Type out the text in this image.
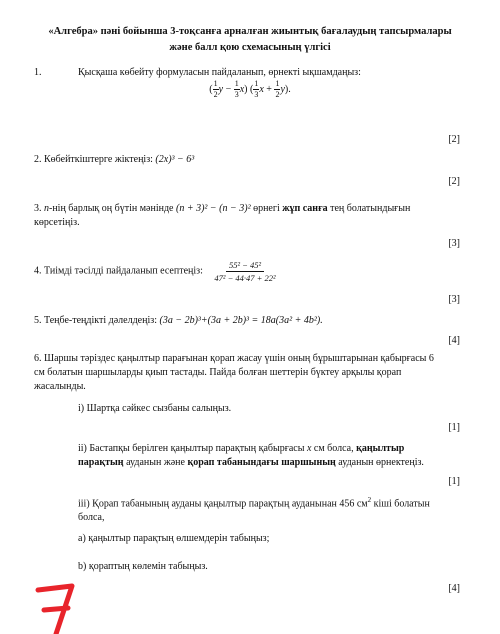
«Алгебра» пәні бойынша 3-тоқсанға арналған жиынтық бағалаудың тапсырмалары
және балл қою схемасының үлгісі
1.	Қысқаша көбейту формуласын пайдаланып, өрнекті ықшамдаңыз:
( $\frac{1}{2}$ $y - \frac{1}{3} x$) ( $\frac{1}{3}$ $x + \frac{1}{2} y$).
[2]
2. Көбейткіштерге жіктеңіз: (2x)³ − 6³
[2]
3. n-нің барлық оң бүтін мәнінде (n + 3)² − (n − 3)² өрнегі жұп санға тең болатындығын
көрсетіңіз.
[3]
4. Тиімді тәсілді пайдаланып есептеңіз: $\frac{\text{55² − 45²}}{\text{47² − 44·47 + 22²}}$
[3]
5. Теңбе-теңдікті дәлелдеңіз: (3a − 2b)³+(3a + 2b)³ = 18a(3a² + 4b²).
[4]
6. Шаршы тәріздес қаңылтыр парағынан қорап жасау үшін оның бұрыштарынан қабырғасы 6
см болатын шаршыларды қиып тастады. Пайда болған шеттерін бүктеу арқылы қорап
жасалынды.
i) Шартқа сәйкес сызбаны салыңыз.
[1]
ii) Бастапқы берілген қаңылтыр парақтың қабырғасы x см болса, қаңылтыр
парақтың ауданын және қорап табанындағы шаршының ауданын өрнектеңіз.
[1]
iii) Қорап табанының ауданы қаңылтыр парақтың ауданынан 456 $см^2$ кіші болатын
болса,
a) қаңылтыр парақтың өлшемдерін табыңыз;
b) қораптың көлемін табыңыз.
[4]
